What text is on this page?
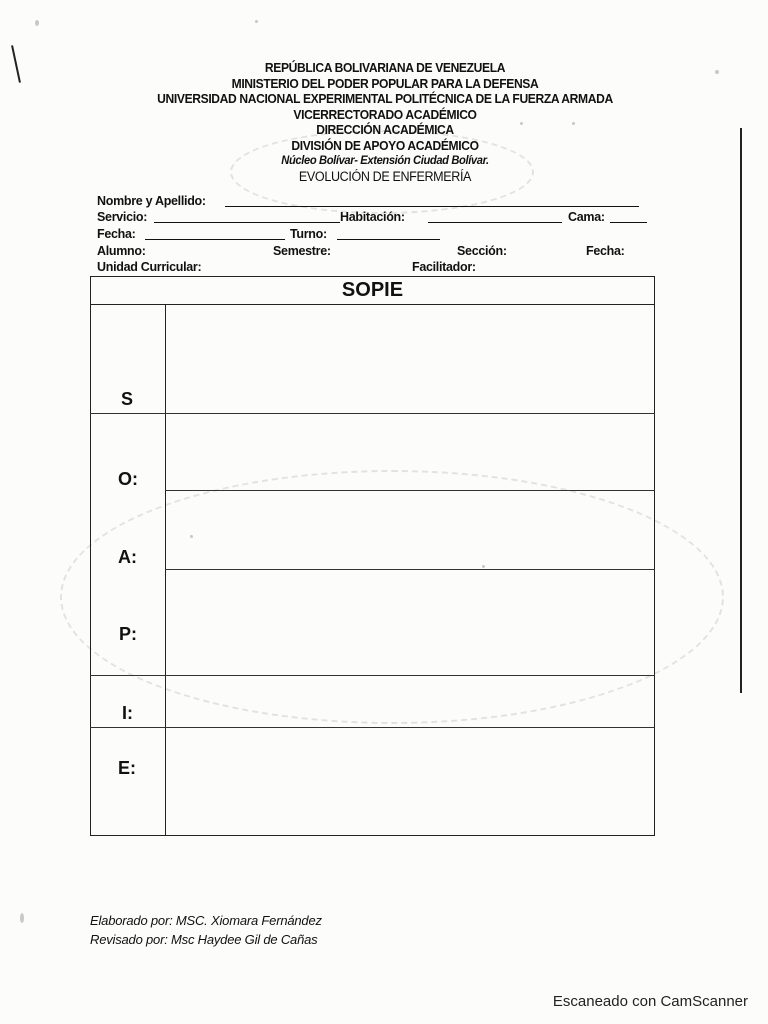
REPÚBLICA BOLIVARIANA DE VENEZUELA
MINISTERIO DEL PODER POPULAR PARA LA DEFENSA
UNIVERSIDAD NACIONAL EXPERIMENTAL POLITÉCNICA DE LA FUERZA ARMADA
VICERRECTORADO ACADÉMICO
DIRECCIÓN ACADÉMICA
DIVISIÓN DE APOYO ACADÉMICO
Núcleo Bolívar- Extensión Ciudad Bolívar.
EVOLUCIÓN DE ENFERMERÍA
Nombre y Apellido:
Servicio:	Habitación:	Cama:
Fecha:	Turno:
Alumno:	Semestre:	Sección:	Fecha:
Unidad Curricular:	Facilitador:
SOPIE
S
O:
A:
P:
I:
E:
Elaborado por: MSC. Xiomara Fernández
Revisado por: Msc Haydee Gil de Cañas
Escaneado con CamScanner
